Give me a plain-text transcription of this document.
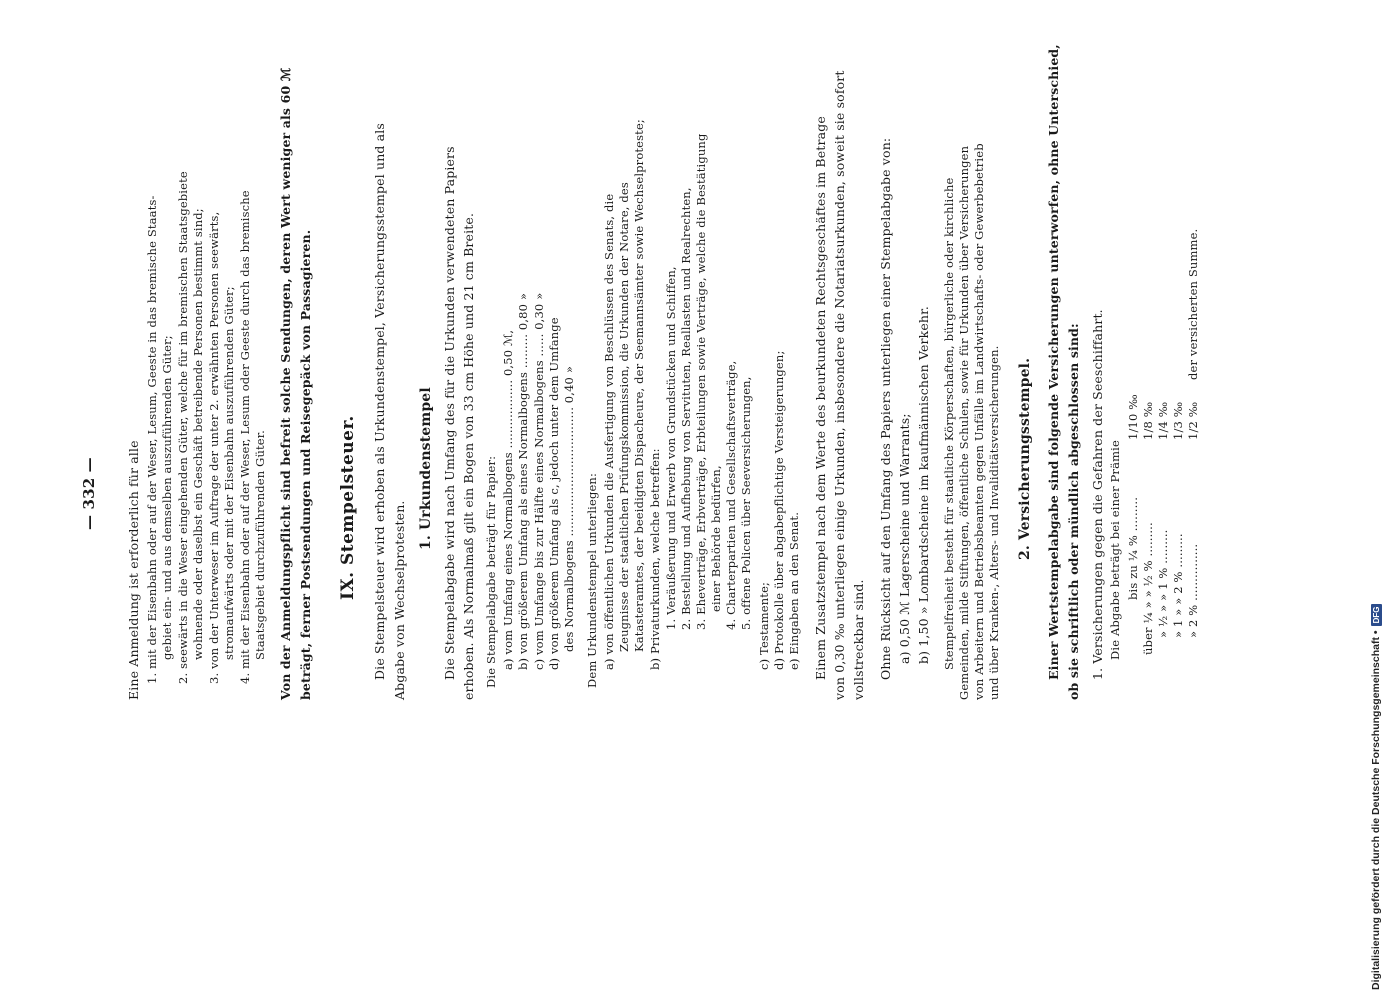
— 332 — Eine Anmeldung ist erforderlich für alle 1. mit der Eisenbahn oder auf der Weser, Lesum, Geeste in das bremische Staats- gebiet ein- und aus demselben auszuführenden Güter; 2. seewärts in die Weser eingehenden Güter, welche für im bremischen Staatsgebiete wohnende oder daselbst ein Geschäft betreibende Personen bestimmt sind; 3. von der Unterweser im Auftrage der unter 2. erwähnten Personen seewärts, stromaufwärts oder mit der Eisenbahn auszuführenden Güter; 4. mit der Eisenbahn oder auf der Weser, Lesum oder Geeste durch das bremische Staatsgebiet durchzuführenden Güter. Von der Anmeldungspflicht sind befreit solche Sendungen, deren Wert weniger als 60 ℳ beträgt, ferner Postsendungen und Reisegepäck von Passagieren. IX. Stempelsteuer. Die Stempelsteuer wird erhoben als Urkundenstempel, Versicherungsstempel und als Abgabe von Wechselprotesten.
1. Urkundenstempel Die Stempelabgabe wird nach Umfang des für die Urkunden verwendeten Papiers erhoben. Als Normalmaß gilt ein Bogen von 33 cm Höhe und 21 cm Breite. Die Stempelabgabe beträgt für Papier: a) vom Umfang eines Normalbogens .................. 0,50 ℳ, b) von größerem Umfang als eines Normalbogens ......... 0,80 » c) vom Umfange bis zur Hälfte eines Normalbogens ...... 0,30 » d) von größerem Umfang als c, jedoch unter dem Umfange des Normalbogens .................................. 0,40 » Dem Urkundenstempel unterliegen: a) von öffentlichen Urkunden die Ausfertigung von Beschlüssen des Senats, die Zeugnisse der staatlichen Prüfungskommission, die Urkunden der Notare, des Katasteramtes, der beeidigten Dispacheure, der Seemannsämter sowie Wechselproteste; b) Privaturkunden, welche betreffen: 1. Veräußerung und Erwerb von Grundstücken und Schiffen, 2. Bestellung und Aufhebung von Servituten, Reallasten und Realrechten, 3. Eheverträge, Erbverträge, Erbteilungen sowie Verträge, welche die Bestätigung einer Behörde bedürfen, 4. Charterpartien und Gesellschaftsverträge, 5. offene Policen über Seeversicherungen, c) Testamente; d) Protokolle über abgabepflichtige Versteigerungen; e) Eingaben an den Senat. Einem Zusatzstempel nach dem Werte des beurkundeten Rechtsgeschäftes im Betrage von 0,30 ‰ unterliegen einige Urkunden, insbesondere die Notariatsurkunden, soweit sie sofort vollstreckbar sind. Ohne Rücksicht auf den Umfang des Papiers unterliegen einer Stempelabgabe von: a) 0,50 ℳ Lagerscheine und Warrants; b) 1,50 » Lombardscheine im kaufmännischen Verkehr. Stempelfreiheit besteht für staatliche Körperschaften, bürgerliche oder kirchliche Gemeinden, milde Stiftungen, öffentliche Schulen, sowie für Urkunden über Versicherungen von Arbeitern und Betriebsbeamten gegen Unfälle im Landwirtschafts- oder Gewerbebetrieb und über Kranken-, Alters- und Invaliditätsversicherungen. 2. Versicherungsstempel. Einer Wertstempelabgabe sind folgende Versicherungen unterworfen, ohne Unterschied, ob sie schriftlich oder mündlich abgeschlossen sind: 1. Versicherungen gegen die Gefahren der Seeschiffahrt. Die Abgabe beträgt bei einer Prämie bis zu ¼ % .........
1/10 ‰
über ¼ » » ½ % .........
1/8 ‰
» ½ » » 1 % .........
1/4 ‰
» 1 » » 2 % .........
1/3 ‰
» 2 % ...............
1/2 ‰
der versicherten Summe.
Digitalisierung gefördert durch die Deutsche Forschungsgemeinschaft •
DFG
